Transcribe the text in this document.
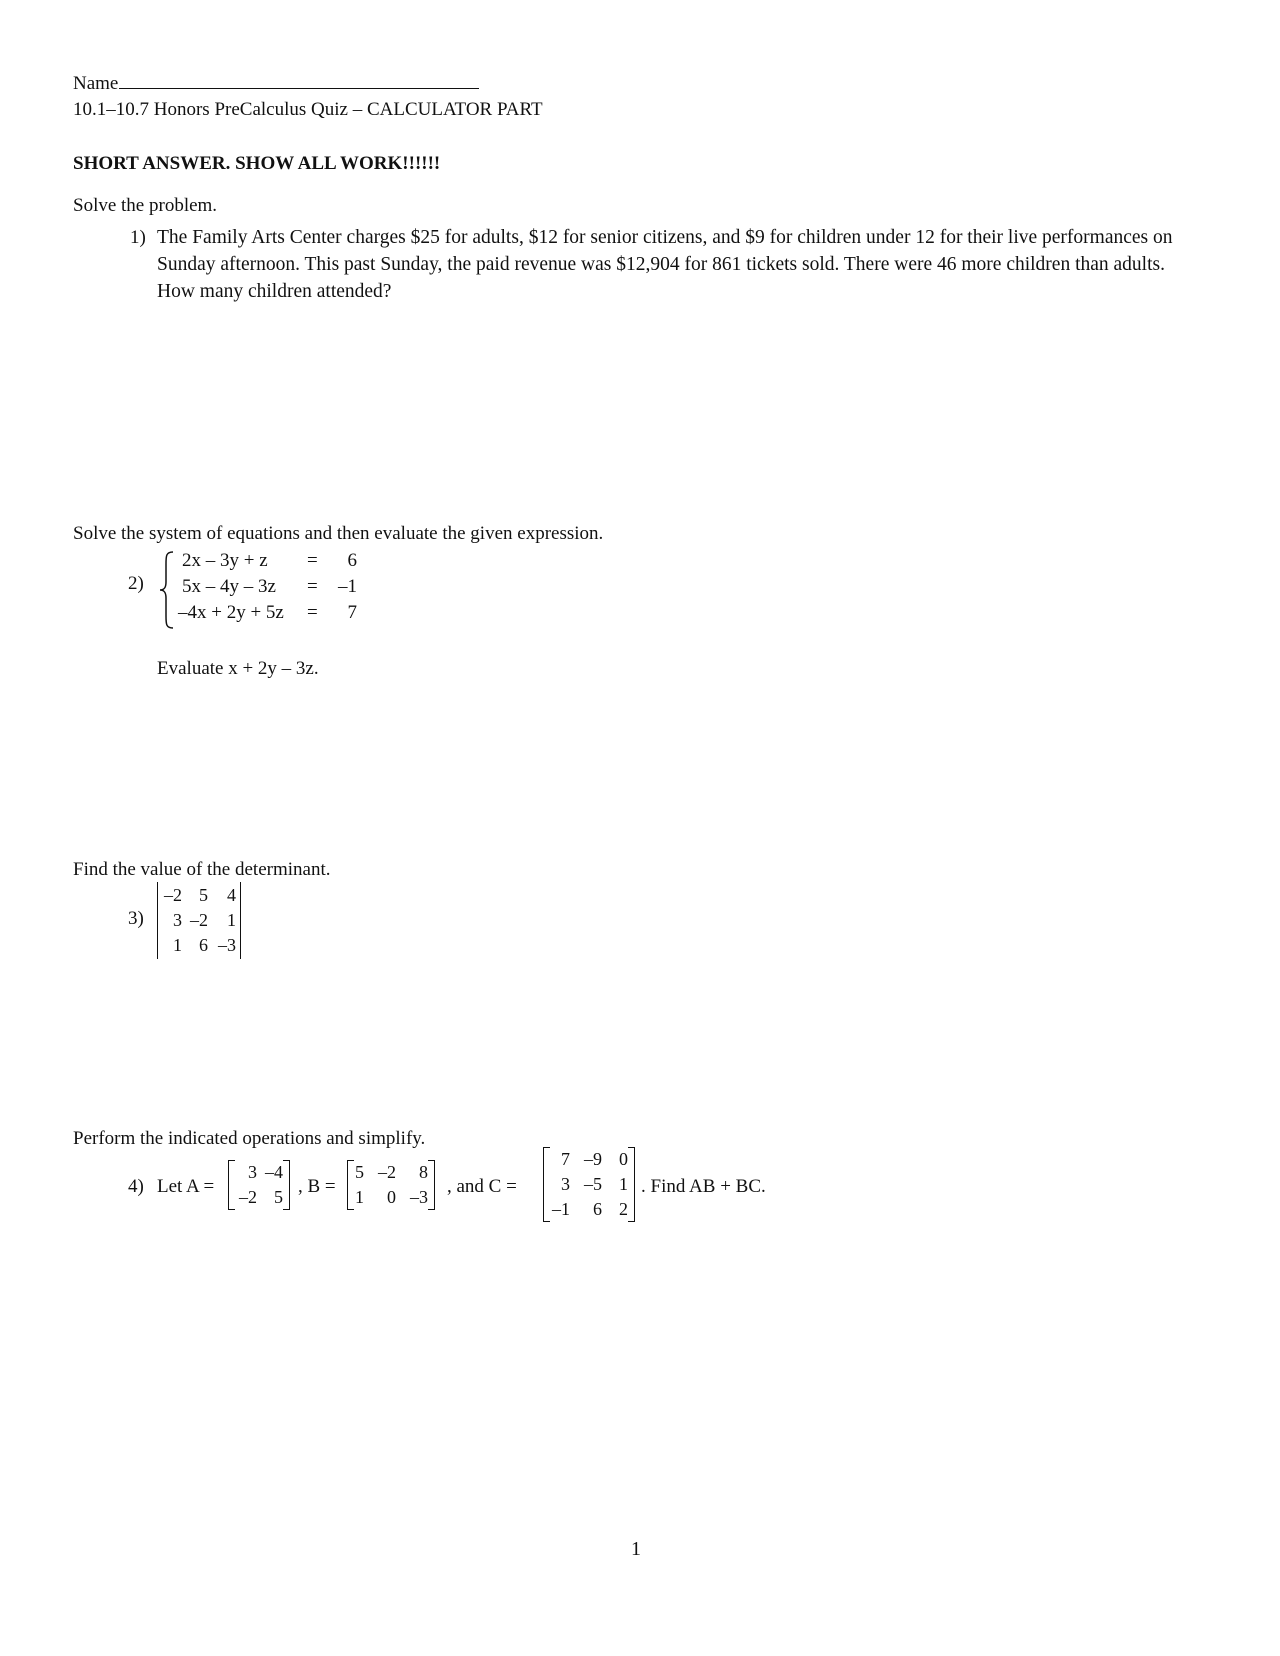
Name
10.1–10.7 Honors PreCalculus Quiz – CALCULATOR PART
SHORT ANSWER. SHOW ALL WORK!!!!!!
Solve the problem.
1) The Family Arts Center charges $25 for adults, $12 for senior citizens, and $9 for children under 12 for their live performances on Sunday afternoon. This past Sunday, the paid revenue was $12,904 for 861 tickets sold. There were 46 more children than adults. How many children attended?
Solve the system of equations and then evaluate the given expression.
2)
2x – 3y + z =	6
5x – 4y – 3z =	–1
–4x + 2y + 5z =	7
Evaluate x + 2y – 3z.
Find the value of the determinant.
3)
–2	5	4
3	–2	1
1	6	–3
Perform the indicated operations and simplify.
4) Let A =
3	–4
–2	5 , B =
5	–2	8
1	0	–3 , and C =
7	–9	0
3	–5	1
–1	6	2
. Find AB + BC.
1
